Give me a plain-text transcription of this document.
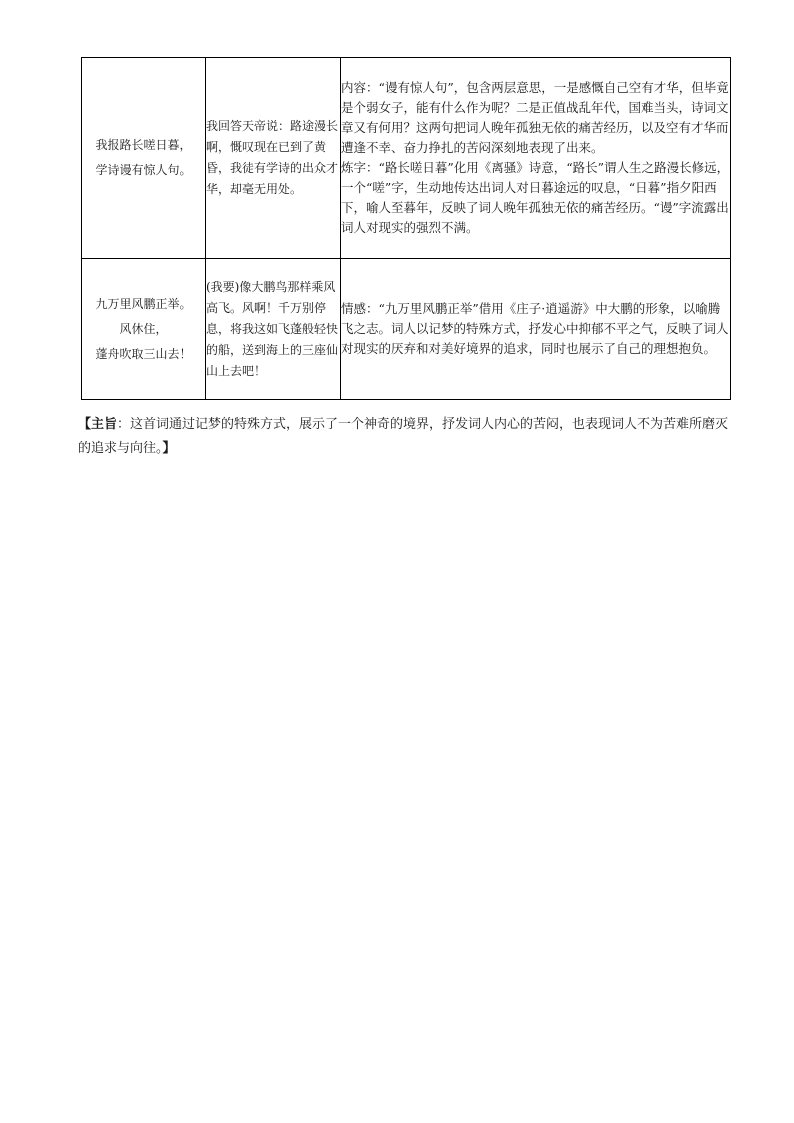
我报路长嗟日暮，
学诗谩有惊人句。	我回答天帝说：路途漫长啊，慨叹现在已到了黄昏，我徒有学诗的出众才华，却毫无用处。	内容：“谩有惊人句”，包含两层意思，一是感慨自己空有才华，但毕竟是个弱女子，能有什么作为呢？二是正值战乱年代，国难当头，诗词文章又有何用？这两句把词人晚年孤独无依的痛苦经历，以及空有才华而遭逢不幸、奋力挣扎的苦闷深刻地表现了出来。
炼字：“路长嗟日暮”化用《离骚》诗意，“路长”谓人生之路漫长修远，一个“嗟”字，生动地传达出词人对日暮途远的叹息，“日暮”指夕阳西下，喻人至暮年，反映了词人晚年孤独无依的痛苦经历。“谩”字流露出词人对现实的强烈不满。

九万里风鹏正举。
风休住，
蓬舟吹取三山去！	(我要)像大鹏鸟那样乘风高飞。风啊！千万别停息，将我这如飞蓬般轻快的船，送到海上的三座仙山上去吧！	情感：“九万里风鹏正举”借用《庄子·逍遥游》中大鹏的形象，以喻腾飞之志。词人以记梦的特殊方式，抒发心中抑郁不平之气，反映了词人对现实的厌弃和对美好境界的追求，同时也展示了自己的理想抱负。
【主旨：这首词通过记梦的特殊方式，展示了一个神奇的境界，抒发词人内心的苦闷，也表现词人不为苦难所磨灭的追求与向往。】
